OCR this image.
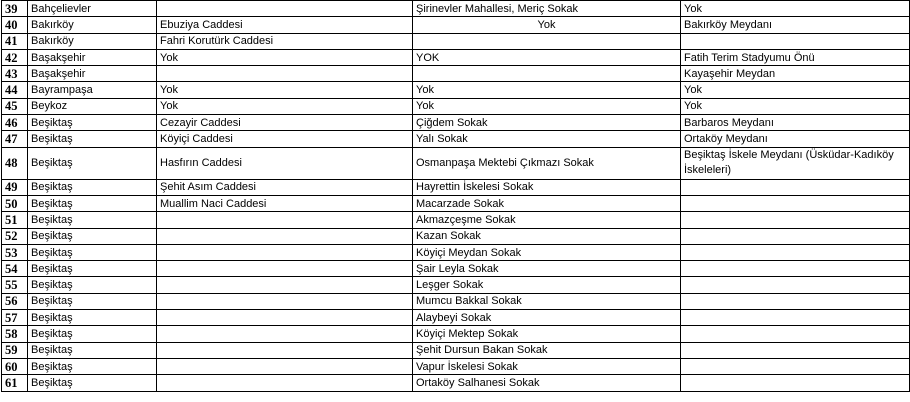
39	Bahçelievler		Şirinevler Mahallesi, Meriç Sokak	Yok
40	Bakırköy	Ebuziya Caddesi	Yok	Bakırköy Meydanı
41	Bakırköy	Fahri Korutürk Caddesi		
42	Başakşehir	Yok	YOK	Fatih Terim Stadyumu Önü
43	Başakşehir			Kayaşehir Meydan
44	Bayrampaşa	Yok	Yok	Yok
45	Beykoz	Yok	Yok	Yok
46	Beşiktaş	Cezayir Caddesi	Çiğdem Sokak	Barbaros Meydanı
47	Beşiktaş	Köyiçi Caddesi	Yalı Sokak	Ortaköy Meydanı
48	Beşiktaş	Hasfırın Caddesi	Osmanpaşa Mektebi Çıkmazı Sokak	Beşiktaş İskele Meydanı (Üsküdar-Kadıköy İskeleleri)
49	Beşiktaş	Şehit Asım Caddesi	Hayrettin İskelesi Sokak	
50	Beşiktaş	Muallim Naci Caddesi	Macarzade Sokak	
51	Beşiktaş		Akmazçeşme Sokak	
52	Beşiktaş		Kazan Sokak	
53	Beşiktaş		Köyiçi Meydan Sokak	
54	Beşiktaş		Şair Leyla Sokak	
55	Beşiktaş		Leşger Sokak	
56	Beşiktaş		Mumcu Bakkal Sokak	
57	Beşiktaş		Alaybeyi Sokak	
58	Beşiktaş		Köyiçi Mektep Sokak	
59	Beşiktaş		Şehit Dursun Bakan Sokak	
60	Beşiktaş		Vapur İskelesi Sokak	
61	Beşiktaş		Ortaköy Salhanesi Sokak	
